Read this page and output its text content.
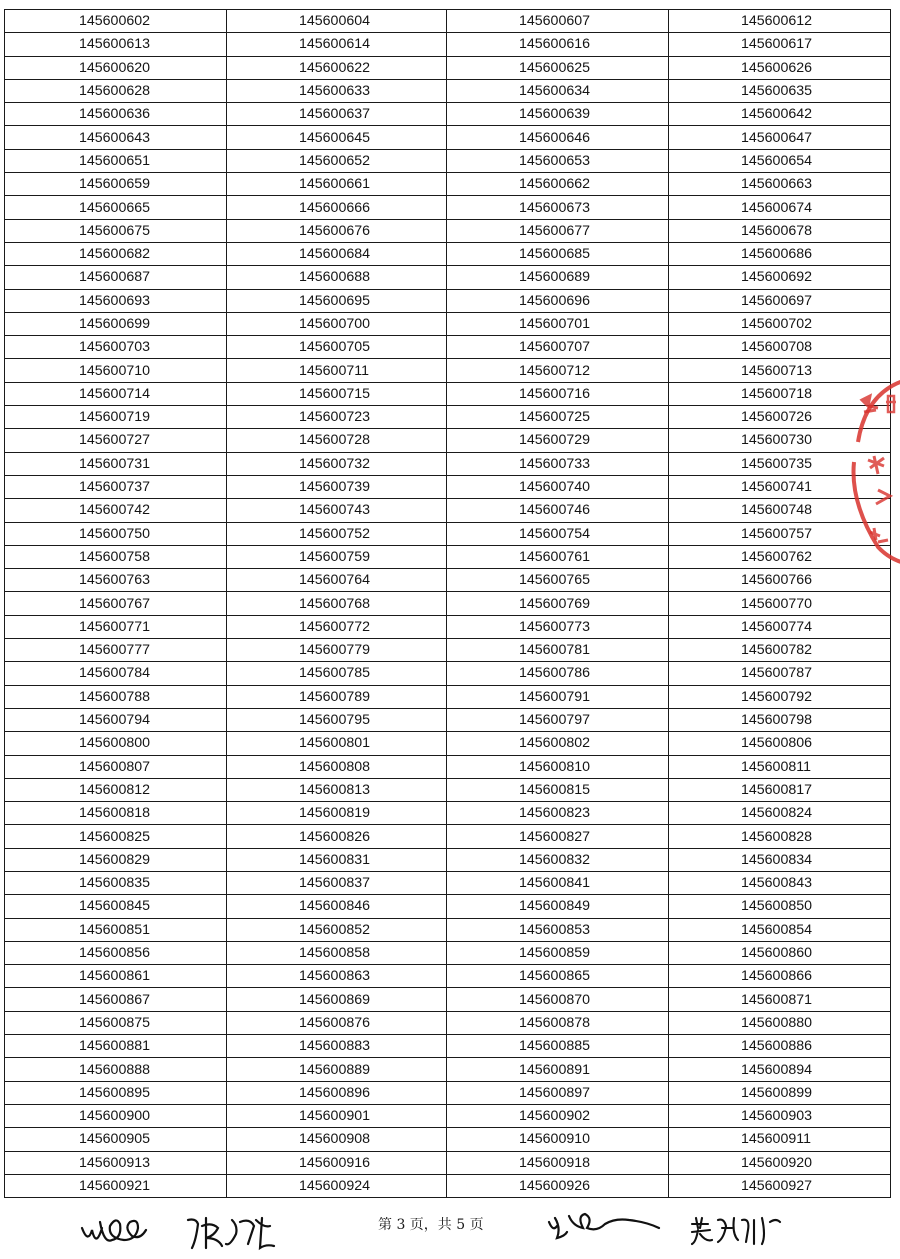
145600602	145600604	145600607	145600612
145600613	145600614	145600616	145600617
145600620	145600622	145600625	145600626
145600628	145600633	145600634	145600635
145600636	145600637	145600639	145600642
145600643	145600645	145600646	145600647
145600651	145600652	145600653	145600654
145600659	145600661	145600662	145600663
145600665	145600666	145600673	145600674
145600675	145600676	145600677	145600678
145600682	145600684	145600685	145600686
145600687	145600688	145600689	145600692
145600693	145600695	145600696	145600697
145600699	145600700	145600701	145600702
145600703	145600705	145600707	145600708
145600710	145600711	145600712	145600713
145600714	145600715	145600716	145600718
145600719	145600723	145600725	145600726
145600727	145600728	145600729	145600730
145600731	145600732	145600733	145600735
145600737	145600739	145600740	145600741
145600742	145600743	145600746	145600748
145600750	145600752	145600754	145600757
145600758	145600759	145600761	145600762
145600763	145600764	145600765	145600766
145600767	145600768	145600769	145600770
145600771	145600772	145600773	145600774
145600777	145600779	145600781	145600782
145600784	145600785	145600786	145600787
145600788	145600789	145600791	145600792
145600794	145600795	145600797	145600798
145600800	145600801	145600802	145600806
145600807	145600808	145600810	145600811
145600812	145600813	145600815	145600817
145600818	145600819	145600823	145600824
145600825	145600826	145600827	145600828
145600829	145600831	145600832	145600834
145600835	145600837	145600841	145600843
145600845	145600846	145600849	145600850
145600851	145600852	145600853	145600854
145600856	145600858	145600859	145600860
145600861	145600863	145600865	145600866
145600867	145600869	145600870	145600871
145600875	145600876	145600878	145600880
145600881	145600883	145600885	145600886
145600888	145600889	145600891	145600894
145600895	145600896	145600897	145600899
145600900	145600901	145600902	145600903
145600905	145600908	145600910	145600911
145600913	145600916	145600918	145600920
145600921	145600924	145600926	145600927
第 3 页，共 5 页
